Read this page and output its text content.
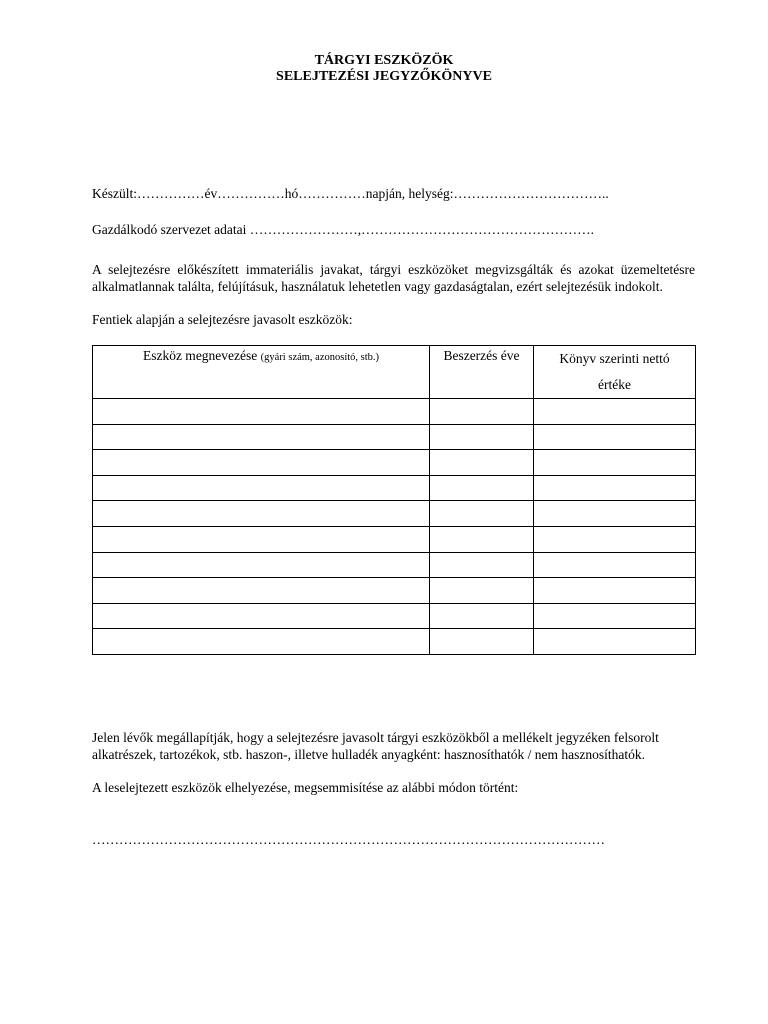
TÁRGYI ESZKÖZÖK
SELEJTEZÉSI JEGYZŐKÖNYVE
Készült:……………év……………hó……………napján, helység:……………………………..
Gazdálkodó szervezet adatai ……………………,…………………………………………….
A selejtezésre előkészített immateriális javakat, tárgyi eszközöket megvizsgálták és azokat üzemeltetésre alkalmatlannak találta, felújításuk, használatuk lehetetlen vagy gazdaságtalan, ezért selejtezésük indokolt.
Fentiek alapján a selejtezésre javasolt eszközök:
Eszköz megnevezése (gyári szám, azonosító, stb.)	Beszerzés éve	Könyv szerinti nettó
értéke

Jelen lévők megállapítják, hogy a selejtezésre javasolt tárgyi eszközökből a mellékelt jegyzéken felsorolt alkatrészek, tartozékok, stb. haszon-, illetve hulladék anyagként: hasznosíthatók / nem hasznosíthatók.
A leselejtezett eszközök elhelyezése, megsemmisítése az alábbi módon történt:
……………………………………………………………………………………………………
